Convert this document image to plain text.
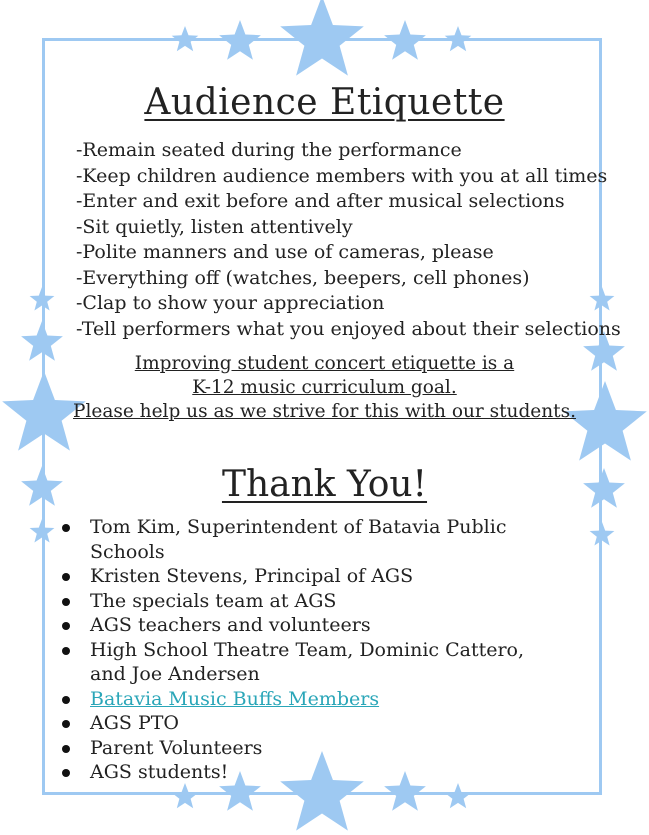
Audience Etiquette
-Remain seated during the performance
-Keep children audience members with you at all times
-Enter and exit before and after musical selections
-Sit quietly, listen attentively
-Polite manners and use of cameras, please
-Everything off (watches, beepers, cell phones)
-Clap to show your appreciation
-Tell performers what you enjoyed about their selections
Improving student concert etiquette is a
K-12 music curriculum goal.
Please help us as we strive for this with our students.
Thank You!
Tom Kim, Superintendent of Batavia Public Schools
Kristen Stevens, Principal of AGS
The specials team at AGS
AGS teachers and volunteers
High School Theatre Team, Dominic Cattero, and Joe Andersen
Batavia Music Buffs Members
AGS PTO
Parent Volunteers
AGS students!
